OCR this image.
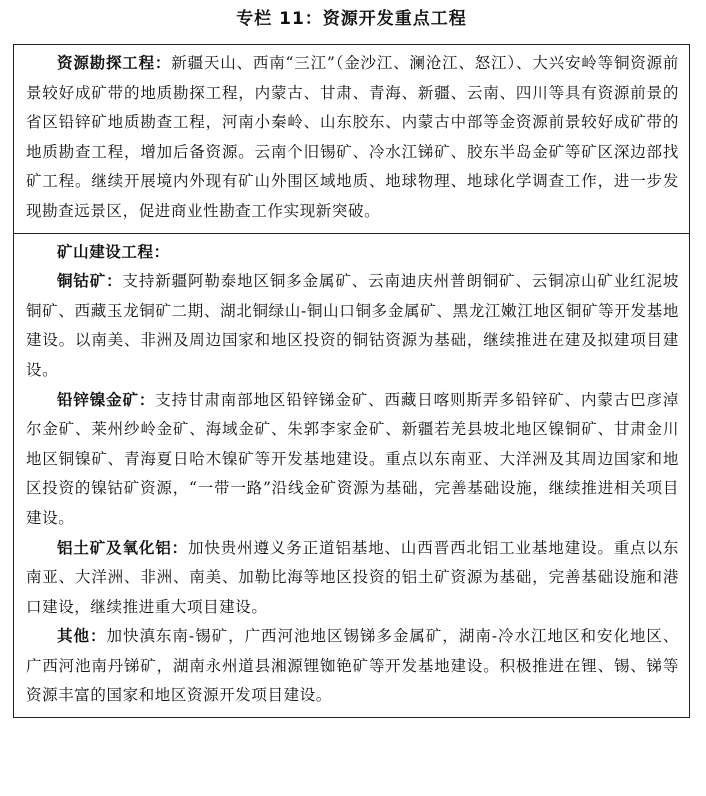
专栏 11：资源开发重点工程

资源勘探工程：新疆天山、西南“三江”（金沙江、澜沧江、怒江）、大兴安岭等铜资源前景较好成矿带的地质勘探工程，内蒙古、甘肃、青海、新疆、云南、四川等具有资源前景的省区铅锌矿地质勘查工程，河南小秦岭、山东胶东、内蒙古中部等金资源前景较好成矿带的地质勘查工程，增加后备资源。云南个旧锡矿、冷水江锑矿、胶东半岛金矿等矿区深边部找矿工程。继续开展境内外现有矿山外围区域地质、地球物理、地球化学调查工作，进一步发现勘查远景区，促进商业性勘查工作实现新突破。

矿山建设工程：

铜钴矿：支持新疆阿勒泰地区铜多金属矿、云南迪庆州普朗铜矿、云铜凉山矿业红泥坡铜矿、西藏玉龙铜矿二期、湖北铜绿山-铜山口铜多金属矿、黑龙江嫩江地区铜矿等开发基地建设。以南美、非洲及周边国家和地区投资的铜钴资源为基础，继续推进在建及拟建项目建设。

铅锌镍金矿：支持甘肃南部地区铅锌锑金矿、西藏日喀则斯弄多铅锌矿、内蒙古巴彦淖尔金矿、莱州纱岭金矿、海域金矿、朱郭李家金矿、新疆若羌县坡北地区镍铜矿、甘肃金川地区铜镍矿、青海夏日哈木镍矿等开发基地建设。重点以东南亚、大洋洲及其周边国家和地区投资的镍钴矿资源，“一带一路”沿线金矿资源为基础，完善基础设施，继续推进相关项目建设。

铝土矿及氧化铝：加快贵州遵义务正道铝基地、山西晋西北铝工业基地建设。重点以东南亚、大洋洲、非洲、南美、加勒比海等地区投资的铝土矿资源为基础，完善基础设施和港口建设，继续推进重大项目建设。

其他：加快滇东南-锡矿，广西河池地区锡锑多金属矿，湖南-冷水江地区和安化地区、广西河池南丹锑矿，湖南永州道县湘源锂铷铯矿等开发基地建设。积极推进在锂、锡、锑等资源丰富的国家和地区资源开发项目建设。
